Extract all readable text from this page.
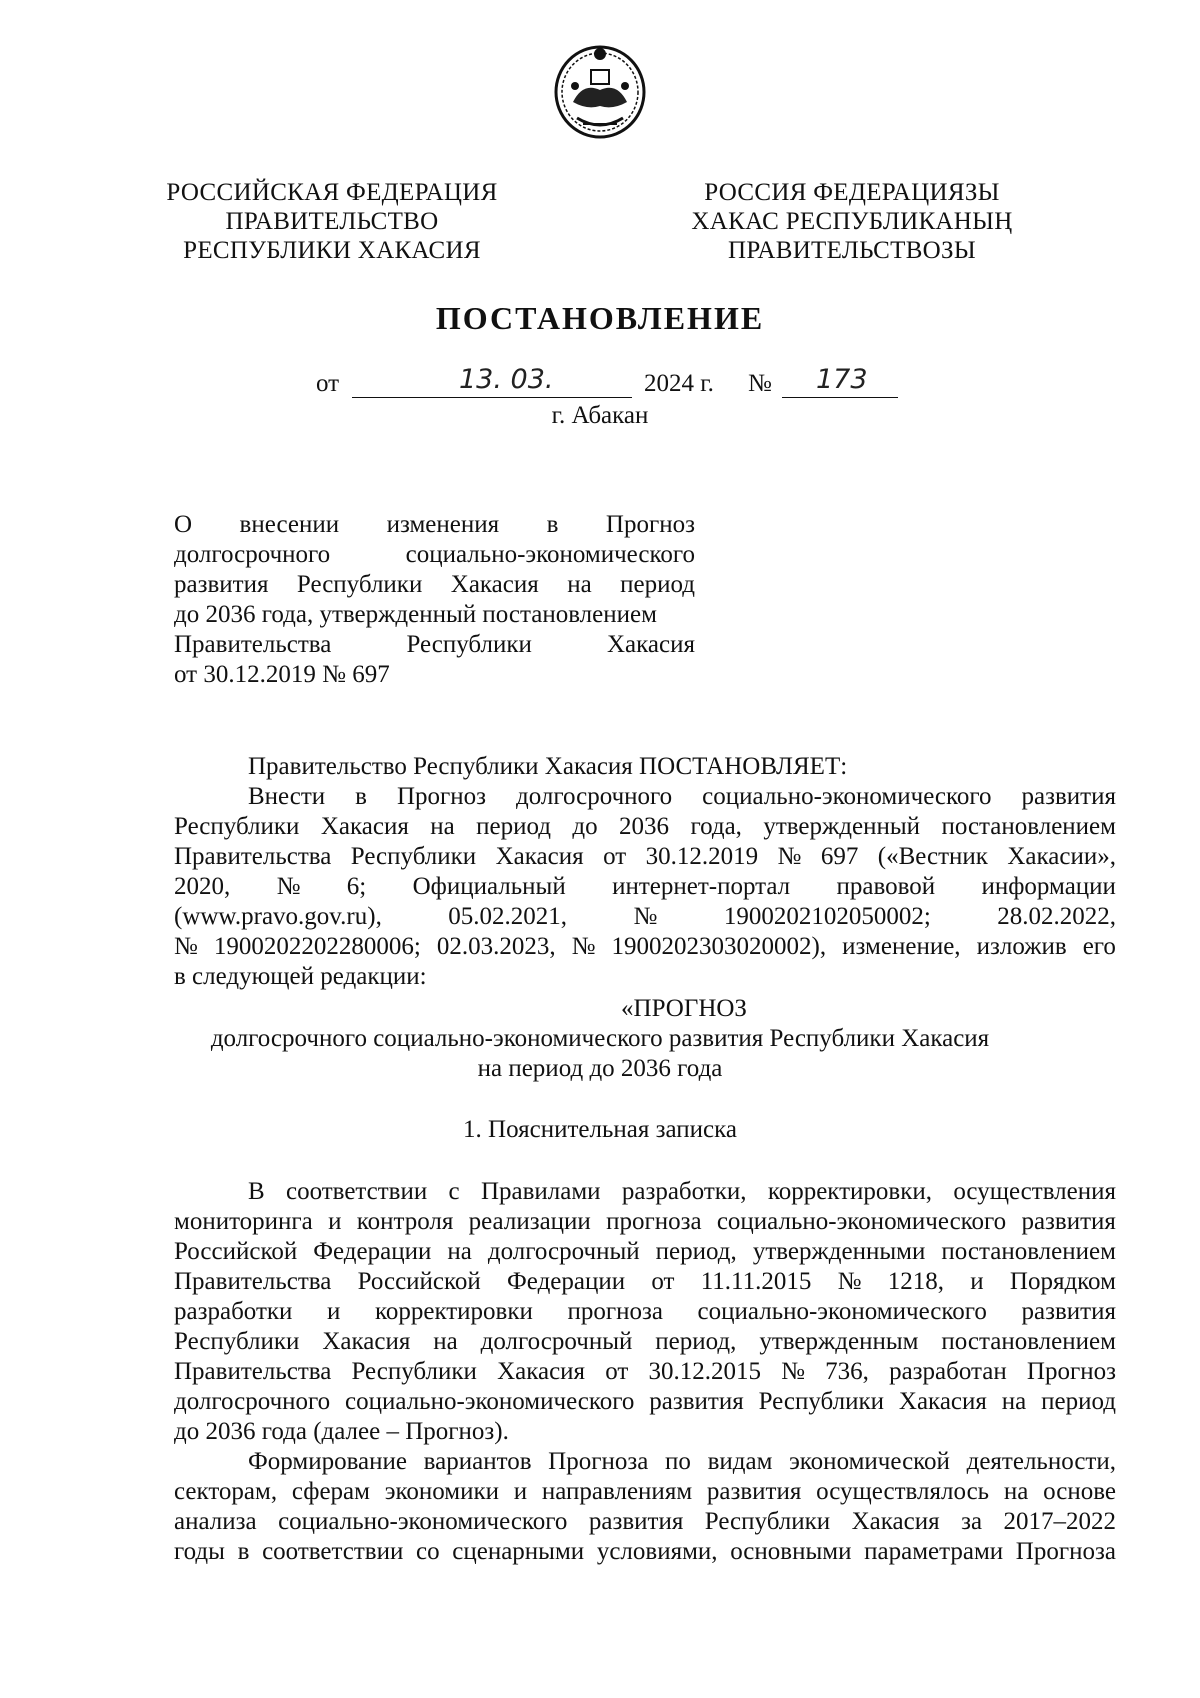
РОССИЙСКАЯ ФЕДЕРАЦИЯ
ПРАВИТЕЛЬСТВО
РЕСПУБЛИКИ ХАКАСИЯ
РОССИЯ ФЕДЕРАЦИЯЗЫ
ХАКАС РЕСПУБЛИКАНЫҢ
ПРАВИТЕЛЬСТВОЗЫ
ПОСТАНОВЛЕНИЕ
от	13. 03.	2024 г. № 173
г. Абакан
О внесении изменения в Прогноз
долгосрочного	социально-экономического
развития Республики Хакасия на период
до 2036 года, утвержденный постановлением
Правительства	Республики	Хакасия
от 30.12.2019 № 697
Правительство Республики Хакасия ПОСТАНОВЛЯЕТ:
Внести в Прогноз долгосрочного социально-экономического развития
Республики Хакасия на период до 2036 года, утвержденный постановлением
Правительства Республики Хакасия от 30.12.2019 № 697 («Вестник Хакасии»,
2020, № 6; Официальный интернет-портал правовой информации
(www.pravo.gov.ru),	05.02.2021,	№	1900202102050002;	28.02.2022,
№ 1900202202280006; 02.03.2023, № 1900202303020002), изменение, изложив его
в следующей редакции:
«ПРОГНОЗ
долгосрочного социально-экономического развития Республики Хакасия
на период до 2036 года
1. Пояснительная записка
В соответствии с Правилами разработки, корректировки, осуществления
мониторинга и контроля реализации прогноза социально-экономического развития
Российской Федерации на долгосрочный период, утвержденными постановлением
Правительства Российской Федерации от 11.11.2015 № 1218, и Порядком
разработки и корректировки прогноза социально-экономического развития
Республики Хакасия на долгосрочный период, утвержденным постановлением
Правительства Республики Хакасия от 30.12.2015 № 736, разработан Прогноз
долгосрочного социально-экономического развития Республики Хакасия на период
до 2036 года (далее – Прогноз).
Формирование вариантов Прогноза по видам экономической деятельности,
секторам, сферам экономики и направлениям развития осуществлялось на основе
анализа социально-экономического развития Республики Хакасия за 2017–2022
годы в соответствии со сценарными условиями, основными параметрами Прогноза
